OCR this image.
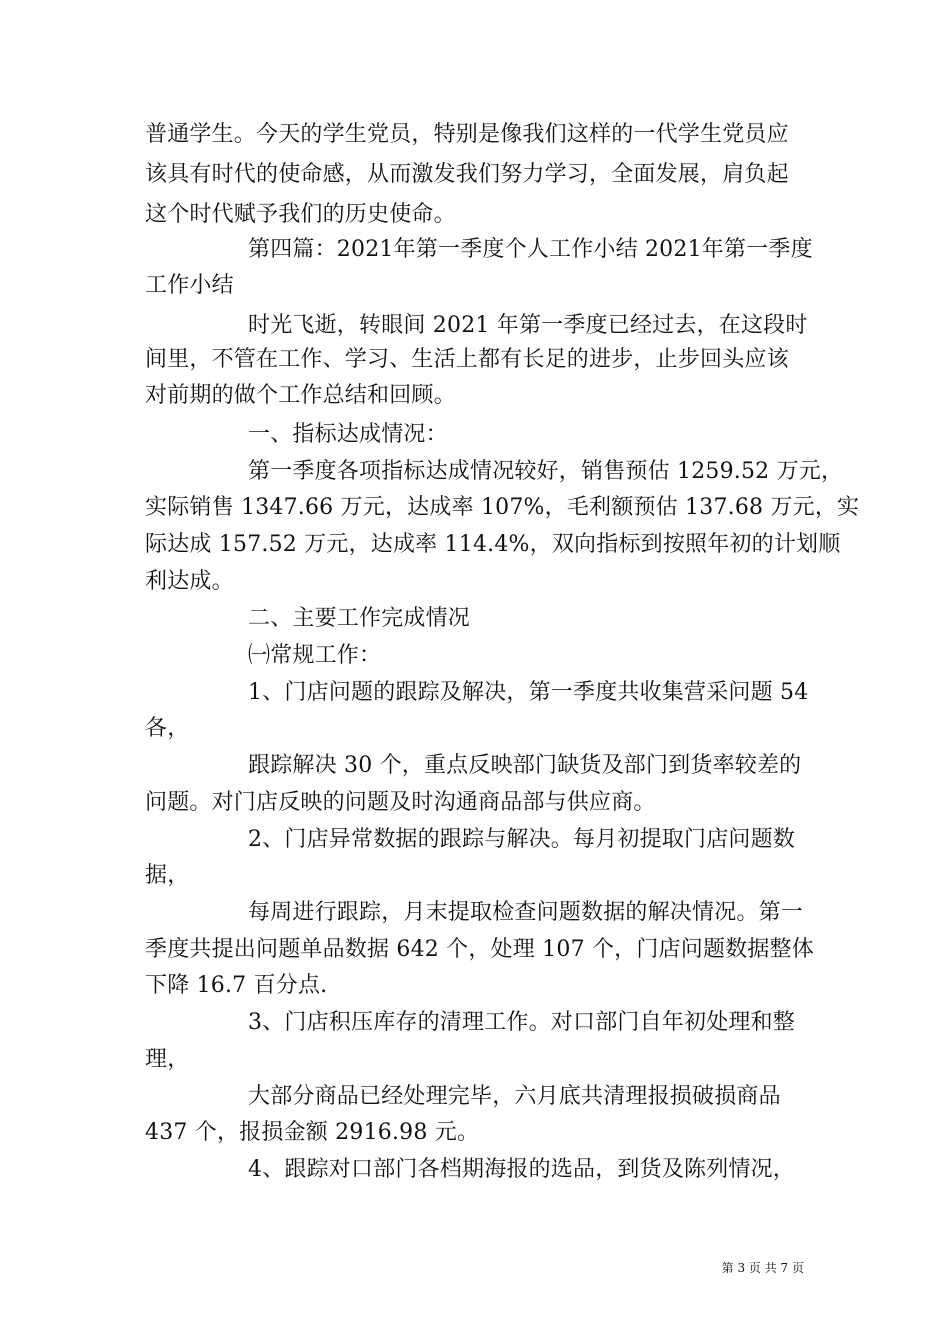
普通学生。今天的学生党员，特别是像我们这样的一代学生党员应
该具有时代的使命感，从而激发我们努力学习，全面发展，肩负起
这个时代赋予我们的历史使命。
第四篇：2021年第一季度个人工作小结 2021年第一季度
工作小结
时光飞逝，转眼间 2021 年第一季度已经过去，在这段时
间里，不管在工作、学习、生活上都有长足的进步，止步回头应该
对前期的做个工作总结和回顾。
一、指标达成情况：
第一季度各项指标达成情况较好，销售预估 1259.52 万元，
实际销售 1347.66 万元，达成率 107%，毛利额预估 137.68 万元，实
际达成 157.52 万元，达成率 114.4%，双向指标到按照年初的计划顺
利达成。
二、主要工作完成情况
㈠常规工作：
1、门店问题的跟踪及解决，第一季度共收集营采问题 54
各，
跟踪解决 30 个，重点反映部门缺货及部门到货率较差的
问题。对门店反映的问题及时沟通商品部与供应商。
2、门店异常数据的跟踪与解决。每月初提取门店问题数
据，
每周进行跟踪，月末提取检查问题数据的解决情况。第一
季度共提出问题单品数据 642 个，处理 107 个，门店问题数据整体
下降 16.7 百分点.
3、门店积压库存的清理工作。对口部门自年初处理和整
理，
大部分商品已经处理完毕，六月底共清理报损破损商品
437 个，报损金额 2916.98 元。
4、跟踪对口部门各档期海报的选品，到货及陈列情况，
第 3 页 共 7 页
